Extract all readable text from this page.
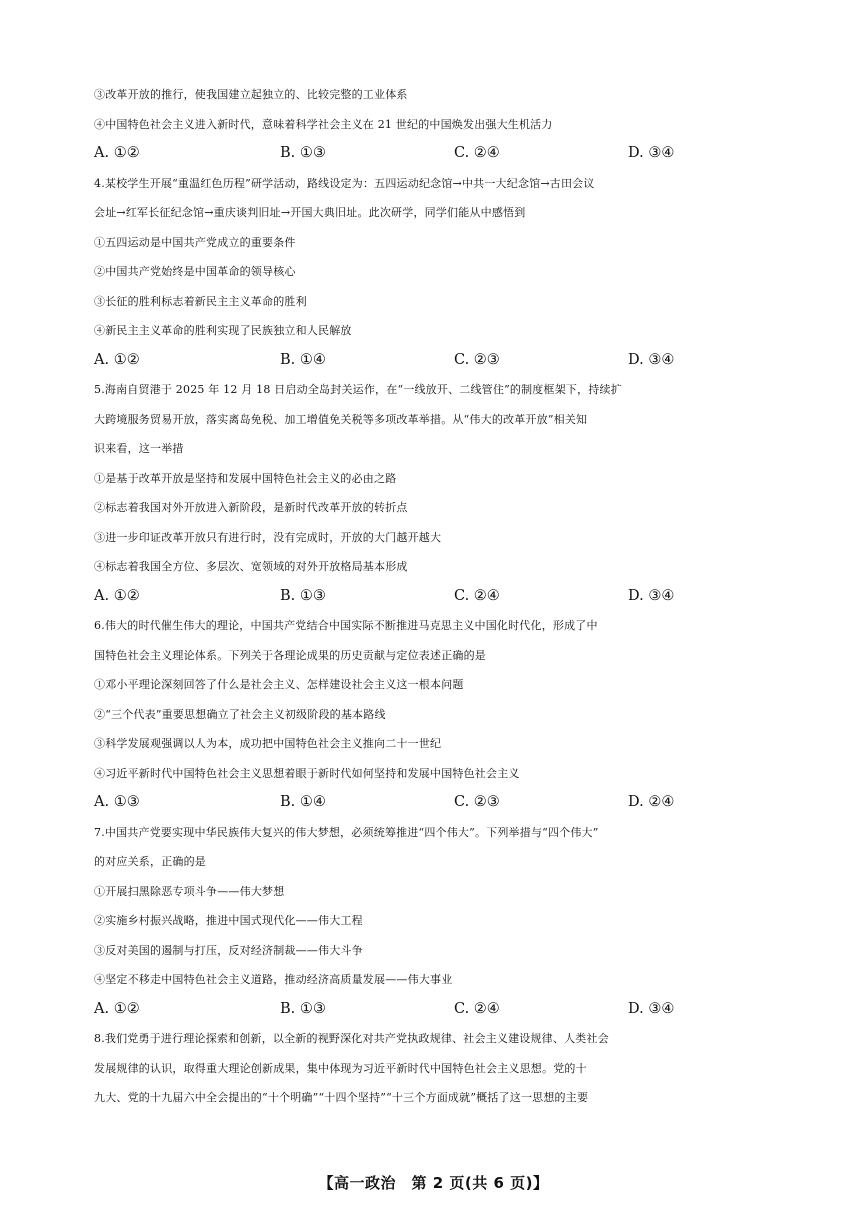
③改革开放的推行，使我国建立起独立的、比较完整的工业体系
④中国特色社会主义进入新时代，意味着科学社会主义在 21 世纪的中国焕发出强大生机活力
A. ①②	B. ①③	C. ②④	D. ③④
4.某校学生开展“重温红色历程”研学活动，路线设定为：五四运动纪念馆→中共一大纪念馆→古田会议
会址→红军长征纪念馆→重庆谈判旧址→开国大典旧址。此次研学，同学们能从中感悟到
①五四运动是中国共产党成立的重要条件
②中国共产党始终是中国革命的领导核心
③长征的胜利标志着新民主主义革命的胜利
④新民主主义革命的胜利实现了民族独立和人民解放
A. ①②	B. ①④	C. ②③	D. ③④
5.海南自贸港于 2025 年 12 月 18 日启动全岛封关运作，在“一线放开、二线管住”的制度框架下，持续扩
大跨境服务贸易开放，落实离岛免税、加工增值免关税等多项改革举措。从“伟大的改革开放”相关知
识来看，这一举措
①是基于改革开放是坚持和发展中国特色社会主义的必由之路
②标志着我国对外开放进入新阶段，是新时代改革开放的转折点
③进一步印证改革开放只有进行时，没有完成时，开放的大门越开越大
④标志着我国全方位、多层次、宽领域的对外开放格局基本形成
A. ①②	B. ①③	C. ②④	D. ③④
6.伟大的时代催生伟大的理论，中国共产党结合中国实际不断推进马克思主义中国化时代化，形成了中
国特色社会主义理论体系。下列关于各理论成果的历史贡献与定位表述正确的是
①邓小平理论深刻回答了什么是社会主义、怎样建设社会主义这一根本问题
②“三个代表”重要思想确立了社会主义初级阶段的基本路线
③科学发展观强调以人为本，成功把中国特色社会主义推向二十一世纪
④习近平新时代中国特色社会主义思想着眼于新时代如何坚持和发展中国特色社会主义
A. ①③	B. ①④	C. ②③	D. ②④
7.中国共产党要实现中华民族伟大复兴的伟大梦想，必须统筹推进“四个伟大”。下列举措与“四个伟大”
的对应关系，正确的是
①开展扫黑除恶专项斗争——伟大梦想
②实施乡村振兴战略，推进中国式现代化——伟大工程
③反对美国的遏制与打压，反对经济制裁——伟大斗争
④坚定不移走中国特色社会主义道路，推动经济高质量发展——伟大事业
A. ①②	B. ①③	C. ②④	D. ③④
8.我们党勇于进行理论探索和创新，以全新的视野深化对共产党执政规律、社会主义建设规律、人类社会
发展规律的认识，取得重大理论创新成果，集中体现为习近平新时代中国特色社会主义思想。党的十
九大、党的十九届六中全会提出的“十个明确”“十四个坚持”“十三个方面成就”概括了这一思想的主要
【高一政治　第 2 页(共 6 页)】
